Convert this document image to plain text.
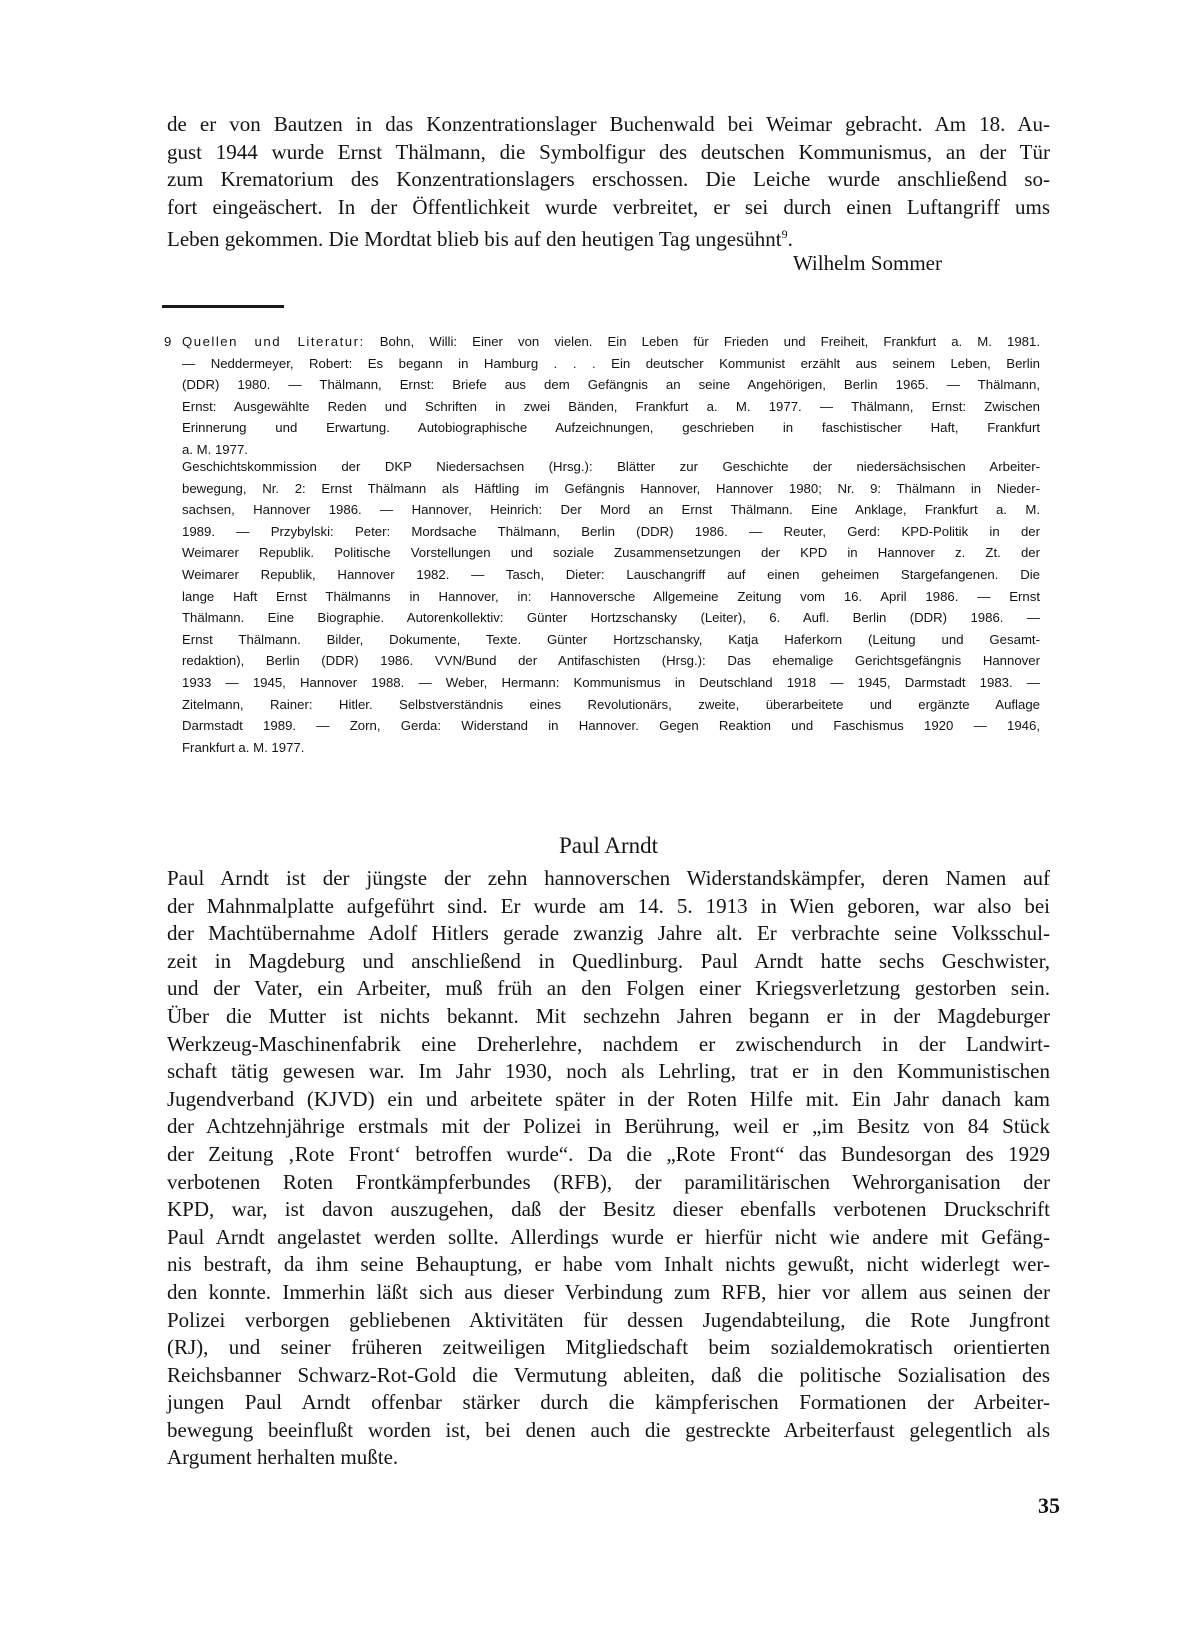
de er von Bautzen in das Konzentrationslager Buchenwald bei Weimar gebracht. Am 18. Au-
gust 1944 wurde Ernst Thälmann, die Symbolfigur des deutschen Kommunismus, an der Tür
zum Krematorium des Konzentrationslagers erschossen. Die Leiche wurde anschließend so-
fort eingeäschert. In der Öffentlichkeit wurde verbreitet, er sei durch einen Luftangriff ums
Leben gekommen. Die Mordtat blieb bis auf den heutigen Tag ungesühnt$^9$.

Wilhelm Sommer

9 Quellen und Literatur: Bohn, Willi: Einer von vielen. Ein Leben für Frieden und Freiheit, Frankfurt a. M. 1981.
— Neddermeyer, Robert: Es begann in Hamburg . . . Ein deutscher Kommunist erzählt aus seinem Leben, Berlin
(DDR) 1980. — Thälmann, Ernst: Briefe aus dem Gefängnis an seine Angehörigen, Berlin 1965. — Thälmann,
Ernst: Ausgewählte Reden und Schriften in zwei Bänden, Frankfurt a. M. 1977. — Thälmann, Ernst: Zwischen
Erinnerung und Erwartung. Autobiographische Aufzeichnungen, geschrieben in faschistischer Haft, Frankfurt
a. M. 1977.
Geschichtskommission der DKP Niedersachsen (Hrsg.): Blätter zur Geschichte der niedersächsischen Arbeiter-
bewegung, Nr. 2: Ernst Thälmann als Häftling im Gefängnis Hannover, Hannover 1980; Nr. 9: Thälmann in Nieder-
sachsen, Hannover 1986. — Hannover, Heinrich: Der Mord an Ernst Thälmann. Eine Anklage, Frankfurt a. M.
1989. — Przybylski: Peter: Mordsache Thälmann, Berlin (DDR) 1986. — Reuter, Gerd: KPD-Politik in der
Weimarer Republik. Politische Vorstellungen und soziale Zusammensetzungen der KPD in Hannover z. Zt. der
Weimarer Republik, Hannover 1982. — Tasch, Dieter: Lauschangriff auf einen geheimen Stargefangenen. Die
lange Haft Ernst Thälmanns in Hannover, in: Hannoversche Allgemeine Zeitung vom 16. April 1986. — Ernst
Thälmann. Eine Biographie. Autorenkollektiv: Günter Hortzschansky (Leiter), 6. Aufl. Berlin (DDR) 1986. —
Ernst Thälmann. Bilder, Dokumente, Texte. Günter Hortzschansky, Katja Haferkorn (Leitung und Gesamt-
redaktion), Berlin (DDR) 1986. VVN/Bund der Antifaschisten (Hrsg.): Das ehemalige Gerichtsgefängnis Hannover
1933 — 1945, Hannover 1988. — Weber, Hermann: Kommunismus in Deutschland 1918 — 1945, Darmstadt 1983. —
Zitelmann, Rainer: Hitler. Selbstverständnis eines Revolutionärs, zweite, überarbeitete und ergänzte Auflage
Darmstadt 1989. — Zorn, Gerda: Widerstand in Hannover. Gegen Reaktion und Faschismus 1920 — 1946,
Frankfurt a. M. 1977.
Paul Arndt
Paul Arndt ist der jüngste der zehn hannoverschen Widerstandskämpfer, deren Namen auf
der Mahnmalplatte aufgeführt sind. Er wurde am 14. 5. 1913 in Wien geboren, war also bei
der Machtübernahme Adolf Hitlers gerade zwanzig Jahre alt. Er verbrachte seine Volksschul-
zeit in Magdeburg und anschließend in Quedlinburg. Paul Arndt hatte sechs Geschwister,
und der Vater, ein Arbeiter, muß früh an den Folgen einer Kriegsverletzung gestorben sein.
Über die Mutter ist nichts bekannt. Mit sechzehn Jahren begann er in der Magdeburger
Werkzeug-Maschinenfabrik eine Dreherlehre, nachdem er zwischendurch in der Landwirt-
schaft tätig gewesen war. Im Jahr 1930, noch als Lehrling, trat er in den Kommunistischen
Jugendverband (KJVD) ein und arbeitete später in der Roten Hilfe mit. Ein Jahr danach kam
der Achtzehnjährige erstmals mit der Polizei in Berührung, weil er „im Besitz von 84 Stück
der Zeitung ‚Rote Front‘ betroffen wurde“. Da die „Rote Front“ das Bundesorgan des 1929
verbotenen Roten Frontkämpferbundes (RFB), der paramilitärischen Wehrorganisation der
KPD, war, ist davon auszugehen, daß der Besitz dieser ebenfalls verbotenen Druckschrift
Paul Arndt angelastet werden sollte. Allerdings wurde er hierfür nicht wie andere mit Gefäng-
nis bestraft, da ihm seine Behauptung, er habe vom Inhalt nichts gewußt, nicht widerlegt wer-
den konnte. Immerhin läßt sich aus dieser Verbindung zum RFB, hier vor allem aus seinen der
Polizei verborgen gebliebenen Aktivitäten für dessen Jugendabteilung, die Rote Jungfront
(RJ), und seiner früheren zeitweiligen Mitgliedschaft beim sozialdemokratisch orientierten
Reichsbanner Schwarz-Rot-Gold die Vermutung ableiten, daß die politische Sozialisation des
jungen Paul Arndt offenbar stärker durch die kämpferischen Formationen der Arbeiter-
bewegung beeinflußt worden ist, bei denen auch die gestreckte Arbeiterfaust gelegentlich als
Argument herhalten mußte.
35
